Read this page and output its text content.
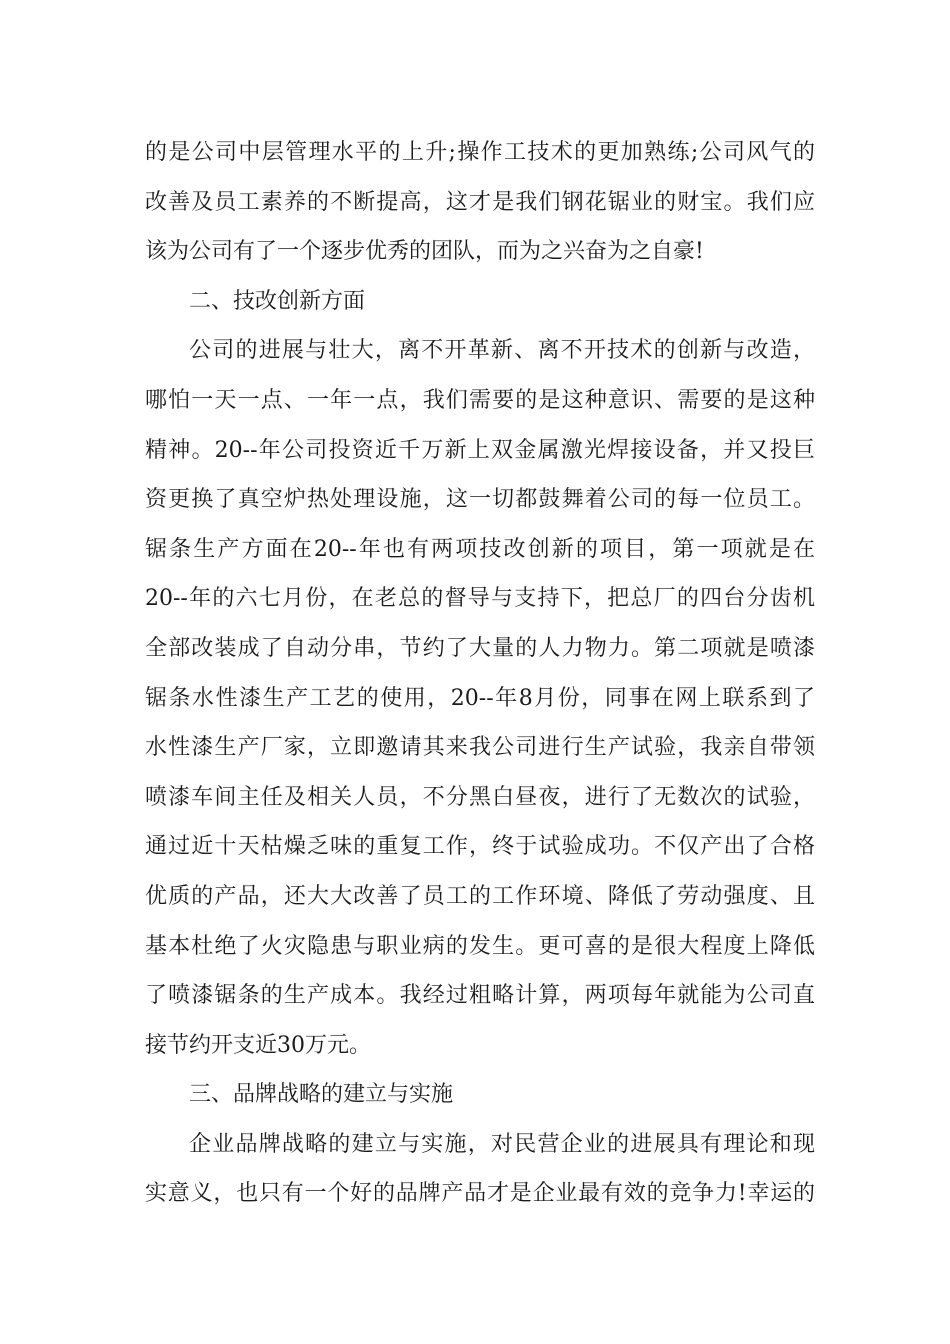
的是公司中层管理水平的上升;操作工技术的更加熟练;公司风气的
改善及员工素养的不断提高，这才是我们钢花锯业的财宝。我们应
该为公司有了一个逐步优秀的团队，而为之兴奋为之自豪!
二、技改创新方面
公司的进展与壮大，离不开革新、离不开技术的创新与改造，
哪怕一天一点、一年一点，我们需要的是这种意识、需要的是这种
精神。20--年公司投资近千万新上双金属激光焊接设备，并又投巨
资更换了真空炉热处理设施，这一切都鼓舞着公司的每一位员工。
锯条生产方面在20--年也有两项技改创新的项目，第一项就是在
20--年的六七月份，在老总的督导与支持下，把总厂的四台分齿机
全部改装成了自动分串，节约了大量的人力物力。第二项就是喷漆
锯条水性漆生产工艺的使用，20--年8月份，同事在网上联系到了
水性漆生产厂家，立即邀请其来我公司进行生产试验，我亲自带领
喷漆车间主任及相关人员，不分黑白昼夜，进行了无数次的试验，
通过近十天枯燥乏味的重复工作，终于试验成功。不仅产出了合格
优质的产品，还大大改善了员工的工作环境、降低了劳动强度、且
基本杜绝了火灾隐患与职业病的发生。更可喜的是很大程度上降低
了喷漆锯条的生产成本。我经过粗略计算，两项每年就能为公司直
接节约开支近30万元。
三、品牌战略的建立与实施
企业品牌战略的建立与实施，对民营企业的进展具有理论和现
实意义，也只有一个好的品牌产品才是企业最有效的竞争力!幸运的
